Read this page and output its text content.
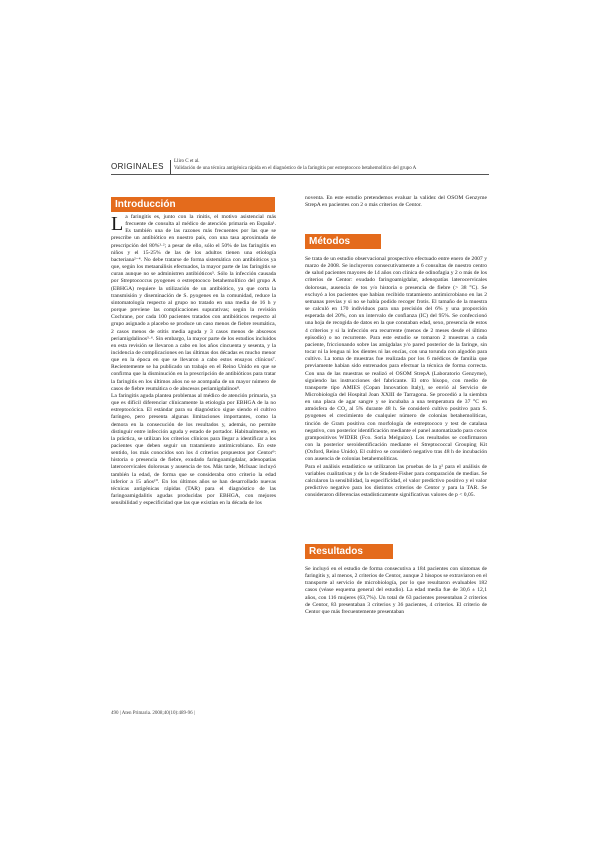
ORIGINALES
Lliro C et al.
Validación de una técnica antigénica rápida en el diagnóstico de la faringitis por estreptococo betahemolítico del grupo A
Introducción

La faringitis es, junto con la rinitis, el motivo asistencial más frecuente de consulta al médico de atención primaria en España¹. Es también una de las razones más frecuentes por las que se prescribe un antibiótico en nuestro país, con una tasa aproximada de prescripción del 80%¹·²; a pesar de ello, sólo el 50% de las faringitis en niños y el 15-25% de las de los adultos tienen una etiología bacteriana²⁻⁴. No debe tratarse de forma sistemática con antibióticos ya que, según los metaanálisis efectuados, la mayor parte de las faringitis se curan aunque no se administren antibióticos⁵. Sólo la infección causada por Streptococcus pyogenes o estreptococo betahemolítico del grupo A (EBHGA) requiere la utilización de un antibiótico, ya que corta la transmisión y diseminación de S. pyogenes en la comunidad, reduce la sintomatología respecto al grupo no tratado en una media de 16 h y porque previene las complicaciones supurativas; según la revisión Cochrane, por cada 100 pacientes tratados con antibióticos respecto al grupo asignado a placebo se produce un caso menos de fiebre reumática, 2 casos menos de otitis media aguda y 3 casos menos de abscesos periamigdalinos⁵·⁶. Sin embargo, la mayor parte de los estudios incluidos en esta revisión se llevaron a cabo en los años cincuenta y sesenta, y la incidencia de complicaciones en las últimas dos décadas es mucho menor que en la época en que se llevaron a cabo estos ensayos clínicos⁷. Recientemente se ha publicado un trabajo en el Reino Unido en que se confirma que la disminución en la prescripción de antibióticos para tratar la faringitis en los últimos años no se acompaña de un mayor número de casos de fiebre reumática o de abscesos periamigdalinos⁸.

La faringitis aguda plantea problemas al médico de atención primaria, ya que es difícil diferenciar clínicamente la etiología por EBHGA de la no estreptocócica. El estándar para su diagnóstico sigue siendo el cultivo faríngeo, pero presenta algunas limitaciones importantes, como la demora en la consecución de los resultados y, además, no permite distinguir entre infección aguda y estado de portador. Habitualmente, en la práctica, se utilizan los criterios clínicos para llegar a identificar a los pacientes que deben seguir un tratamiento antimicrobiano. En este sentido, los más conocidos son los 4 criterios propuestos por Centor⁹: historia o presencia de fiebre, exudado faringoamigdalar, adenopatías laterocervicales dolorosas y ausencia de tos. Más tarde, McIsaac incluyó también la edad, de forma que se consideraba otro criterio la edad inferior a 15 años¹⁰. En los últimos años se han desarrollado nuevas técnicas antigénicas rápidas (TAR) para el diagnóstico de las faringoamigdalitis agudas producidas por EBHGA, con mejores sensibilidad y especificidad que las que existían en la década de los

noventa. En este estudio pretendemos evaluar la validez del OSOM Genzyme StrepA en pacientes con 2 o más criterios de Centor.

Métodos

Se trata de un estudio observacional prospectivo efectuado entre enero de 2007 y marzo de 2008. Se incluyeron consecutivamente a 6 consultas de nuestro centro de salud pacientes mayores de 14 años con clínica de odinofagia y 2 o más de los criterios de Centor: exudado faringoamigdalar, adenopatías laterocervicales dolorosas, ausencia de tos y/o historia o presencia de fiebre (> 38 °C). Se excluyó a los pacientes que habían recibido tratamiento antimicrobiano en las 2 semanas previas y si no se había podido recoger frotis. El tamaño de la muestra se calculó en 170 individuos para una precisión del 6% y una proporción esperada del 20%, con un intervalo de confianza (IC) del 95%. Se confeccionó una hoja de recogida de datos en la que constaban edad, sexo, presencia de estos 4 criterios y si la infección era recurrente (menos de 2 meses desde el último episodio) o no recurrente. Para este estudio se tomaron 2 muestras a cada paciente, friccionando sobre las amígdalas y/o pared posterior de la faringe, sin tocar ni la lengua ni los dientes ni las encías, con una torunda con algodón para cultivo. La toma de muestras fue realizada por los 6 médicos de familia que previamente habían sido entrenados para efectuar la técnica de forma correcta. Con una de las muestras se realizó el OSOM StrepA (Laboratorio Genzyme), siguiendo las instrucciones del fabricante. El otro hisopo, con medio de transporte tipo AMIES (Copan Innovation Italy), se envió al Servicio de Microbiología del Hospital Joan XXIII de Tarragona. Se procedió a la siembra en una placa de agar sangre y se incubaba a una temperatura de 37 °C en atmósfera de CO₂ al 5% durante 48 h. Se consideró cultivo positivo para S. pyogenes el crecimiento de cualquier número de colonias betahemolíticas, tinción de Gram positiva con morfología de estreptococo y test de catalasa negativo, con posterior identificación mediante el panel automatizado para cocos grampositivos WIDER (Fco. Soria Melguizo). Los resultados se confirmaron con la posterior seroidentificación mediante el Streptococcal Grouping Kit (Oxford, Reino Unido). El cultivo se consideró negativo tras 48 h de incubación con ausencia de colonias betahemolíticas.

Para el análisis estadístico se utilizaron las pruebas de la χ² para el análisis de variables cualitativas y de la t de Student-Fisher para comparación de medias. Se calcularon la sensibilidad, la especificidad, el valor predictivo positivo y el valor predictivo negativo para los distintos criterios de Centor y para la TAR. Se consideraron diferencias estadísticamente significativas valores de p < 0,05.

Resultados

Se incluyó en el estudio de forma consecutiva a 184 pacientes con síntomas de faringitis y, al menos, 2 criterios de Centor, aunque 2 hisopos se extraviaron en el transporte al servicio de microbiología, por lo que resultaron evaluables 182 casos (véase esquema general del estudio). La edad media fue de 30,6 ± 12,1 años, con 116 mujeres (63,7%). Un total de 63 pacientes presentaban 2 criterios de Centor, 83 presentaban 3 criterios y 36 pacientes, 4 criterios. El criterio de Centor que más frecuentemente presentaban

490 | Aten Primaria. 2008;40(10):489-96 |
